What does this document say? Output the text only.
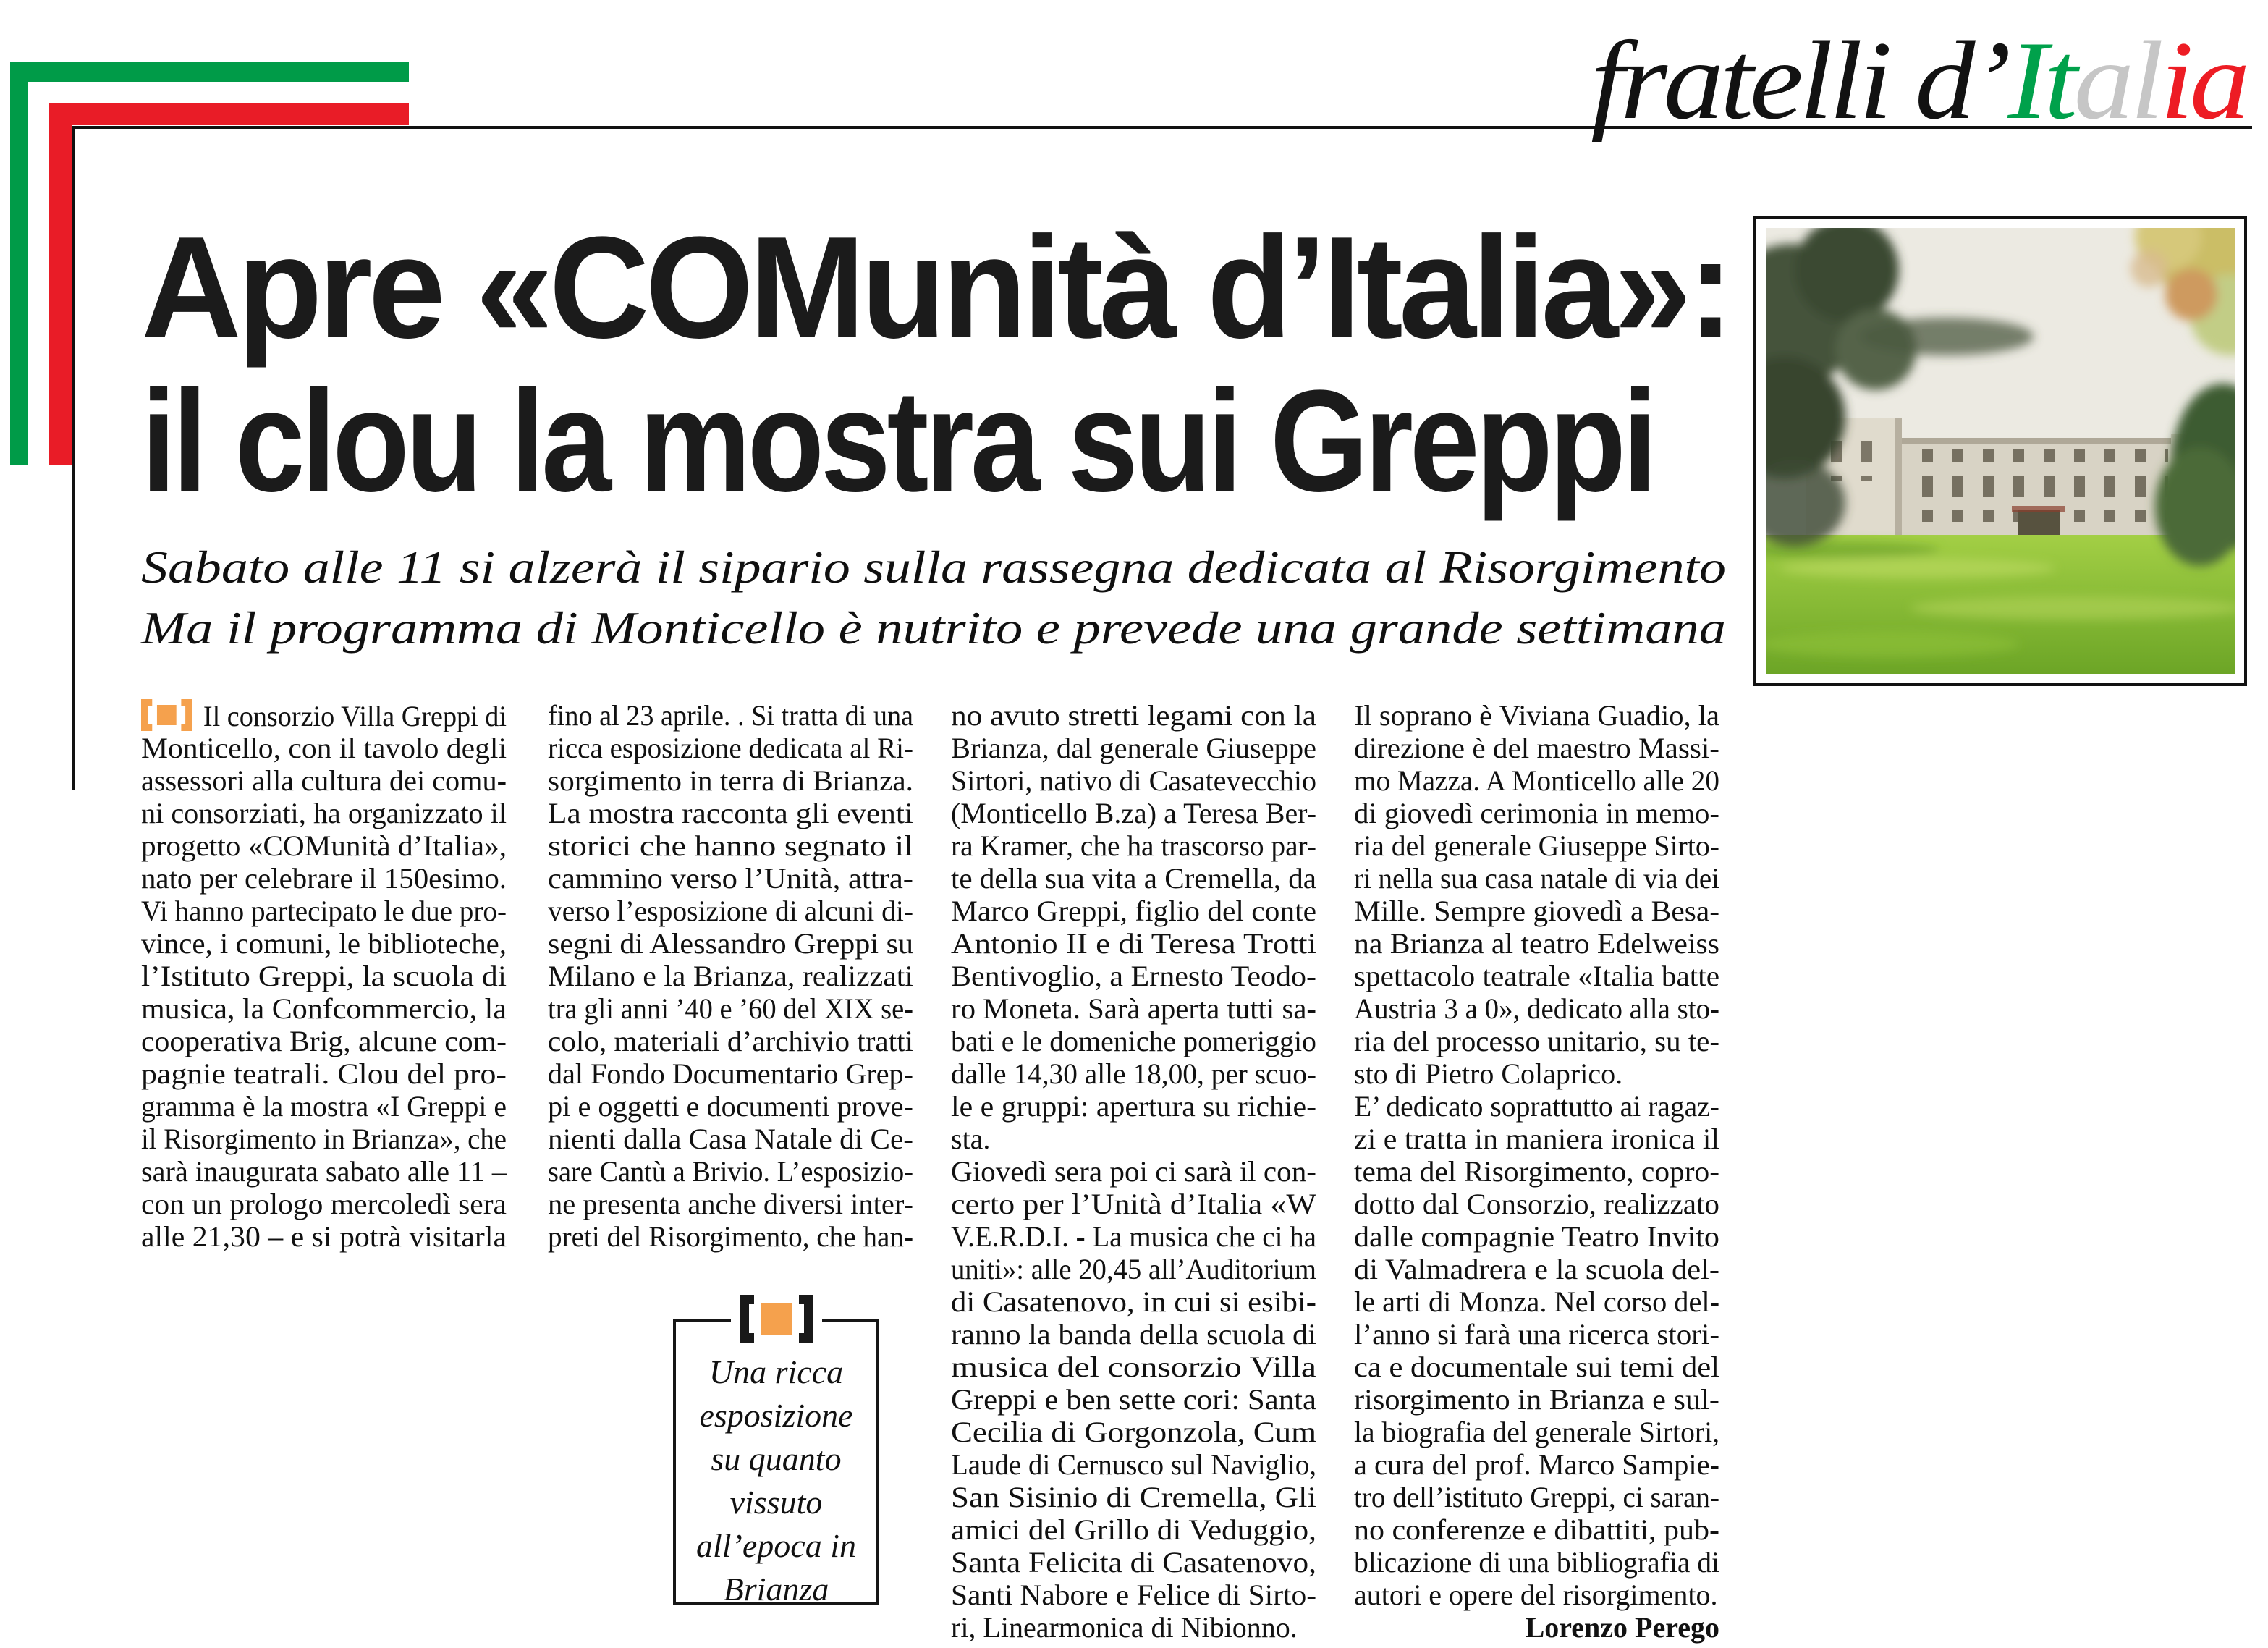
fratelli d’Italia
Apre «COMunità d’Italia»:
il clou la mostra sui Greppi
Sabato alle 11 si alzerà il sipario sulla rassegna dedicata al Risorgimento
Ma il programma di Monticello è nutrito e prevede una grande settimana
Il consorzio Villa Greppi di
Monticello, con il tavolo degli
assessori alla cultura dei comu-
ni consorziati, ha organizzato il
progetto «COMunità d’Italia»,
nato per celebrare il 150esimo.
Vi hanno partecipato le due pro-
vince, i comuni, le biblioteche,
l’Istituto Greppi, la scuola di
musica, la Confcommercio, la
cooperativa Brig, alcune com-
pagnie teatrali. Clou del pro-
gramma è la mostra «I Greppi e
il Risorgimento in Brianza», che
sarà inaugurata sabato alle 11 –
con un prologo mercoledì sera
alle 21,30 – e si potrà visitarla
fino al 23 aprile. . Si tratta di una
ricca esposizione dedicata al Ri-
sorgimento in terra di Brianza.
La mostra racconta gli eventi
storici che hanno segnato il
cammino verso l’Unità, attra-
verso l’esposizione di alcuni di-
segni di Alessandro Greppi su
Milano e la Brianza, realizzati
tra gli anni ’40 e ’60 del XIX se-
colo, materiali d’archivio tratti
dal Fondo Documentario Grep-
pi e oggetti e documenti prove-
nienti dalla Casa Natale di Ce-
sare Cantù a Brivio. L’esposizio-
ne presenta anche diversi inter-
preti del Risorgimento, che han-
no avuto stretti legami con la
Brianza, dal generale Giuseppe
Sirtori, nativo di Casatevecchio
(Monticello B.za) a Teresa Ber-
ra Kramer, che ha trascorso par-
te della sua vita a Cremella, da
Marco Greppi, figlio del conte
Antonio II e di Teresa Trotti
Bentivoglio, a Ernesto Teodo-
ro Moneta. Sarà aperta tutti sa-
bati e le domeniche pomeriggio
dalle 14,30 alle 18,00, per scuo-
le e gruppi: apertura su richie-
sta.
Giovedì sera poi ci sarà il con-
certo per l’Unità d’Italia «W
V.E.R.D.I. - La musica che ci ha
uniti»: alle 20,45 all’Auditorium
di Casatenovo, in cui si esibi-
ranno la banda della scuola di
musica del consorzio Villa
Greppi e ben sette cori: Santa
Cecilia di Gorgonzola, Cum
Laude di Cernusco sul Naviglio,
San Sisinio di Cremella, Gli
amici del Grillo di Veduggio,
Santa Felicita di Casatenovo,
Santi Nabore e Felice di Sirto-
ri, Linearmonica di Nibionno.
Il soprano è Viviana Guadio, la
direzione è del maestro Massi-
mo Mazza. A Monticello alle 20
di giovedì cerimonia in memo-
ria del generale Giuseppe Sirto-
ri nella sua casa natale di via dei
Mille. Sempre giovedì a Besa-
na Brianza al teatro Edelweiss
spettacolo teatrale «Italia batte
Austria 3 a 0», dedicato alla sto-
ria del processo unitario, su te-
sto di Pietro Colaprico.
E’ dedicato soprattutto ai ragaz-
zi e tratta in maniera ironica il
tema del Risorgimento, copro-
dotto dal Consorzio, realizzato
dalle compagnie Teatro Invito
di Valmadrera e la scuola del-
le arti di Monza. Nel corso del-
l’anno si farà una ricerca stori-
ca e documentale sui temi del
risorgimento in Brianza e sul-
la biografia del generale Sirtori,
a cura del prof. Marco Sampie-
tro dell’istituto Greppi, ci saran-
no conferenze e dibattiti, pub-
blicazione di una bibliografia di
autori e opere del risorgimento.
Lorenzo Perego
Una ricca
esposizione
su quanto
vissuto
all’epoca in
Brianza
